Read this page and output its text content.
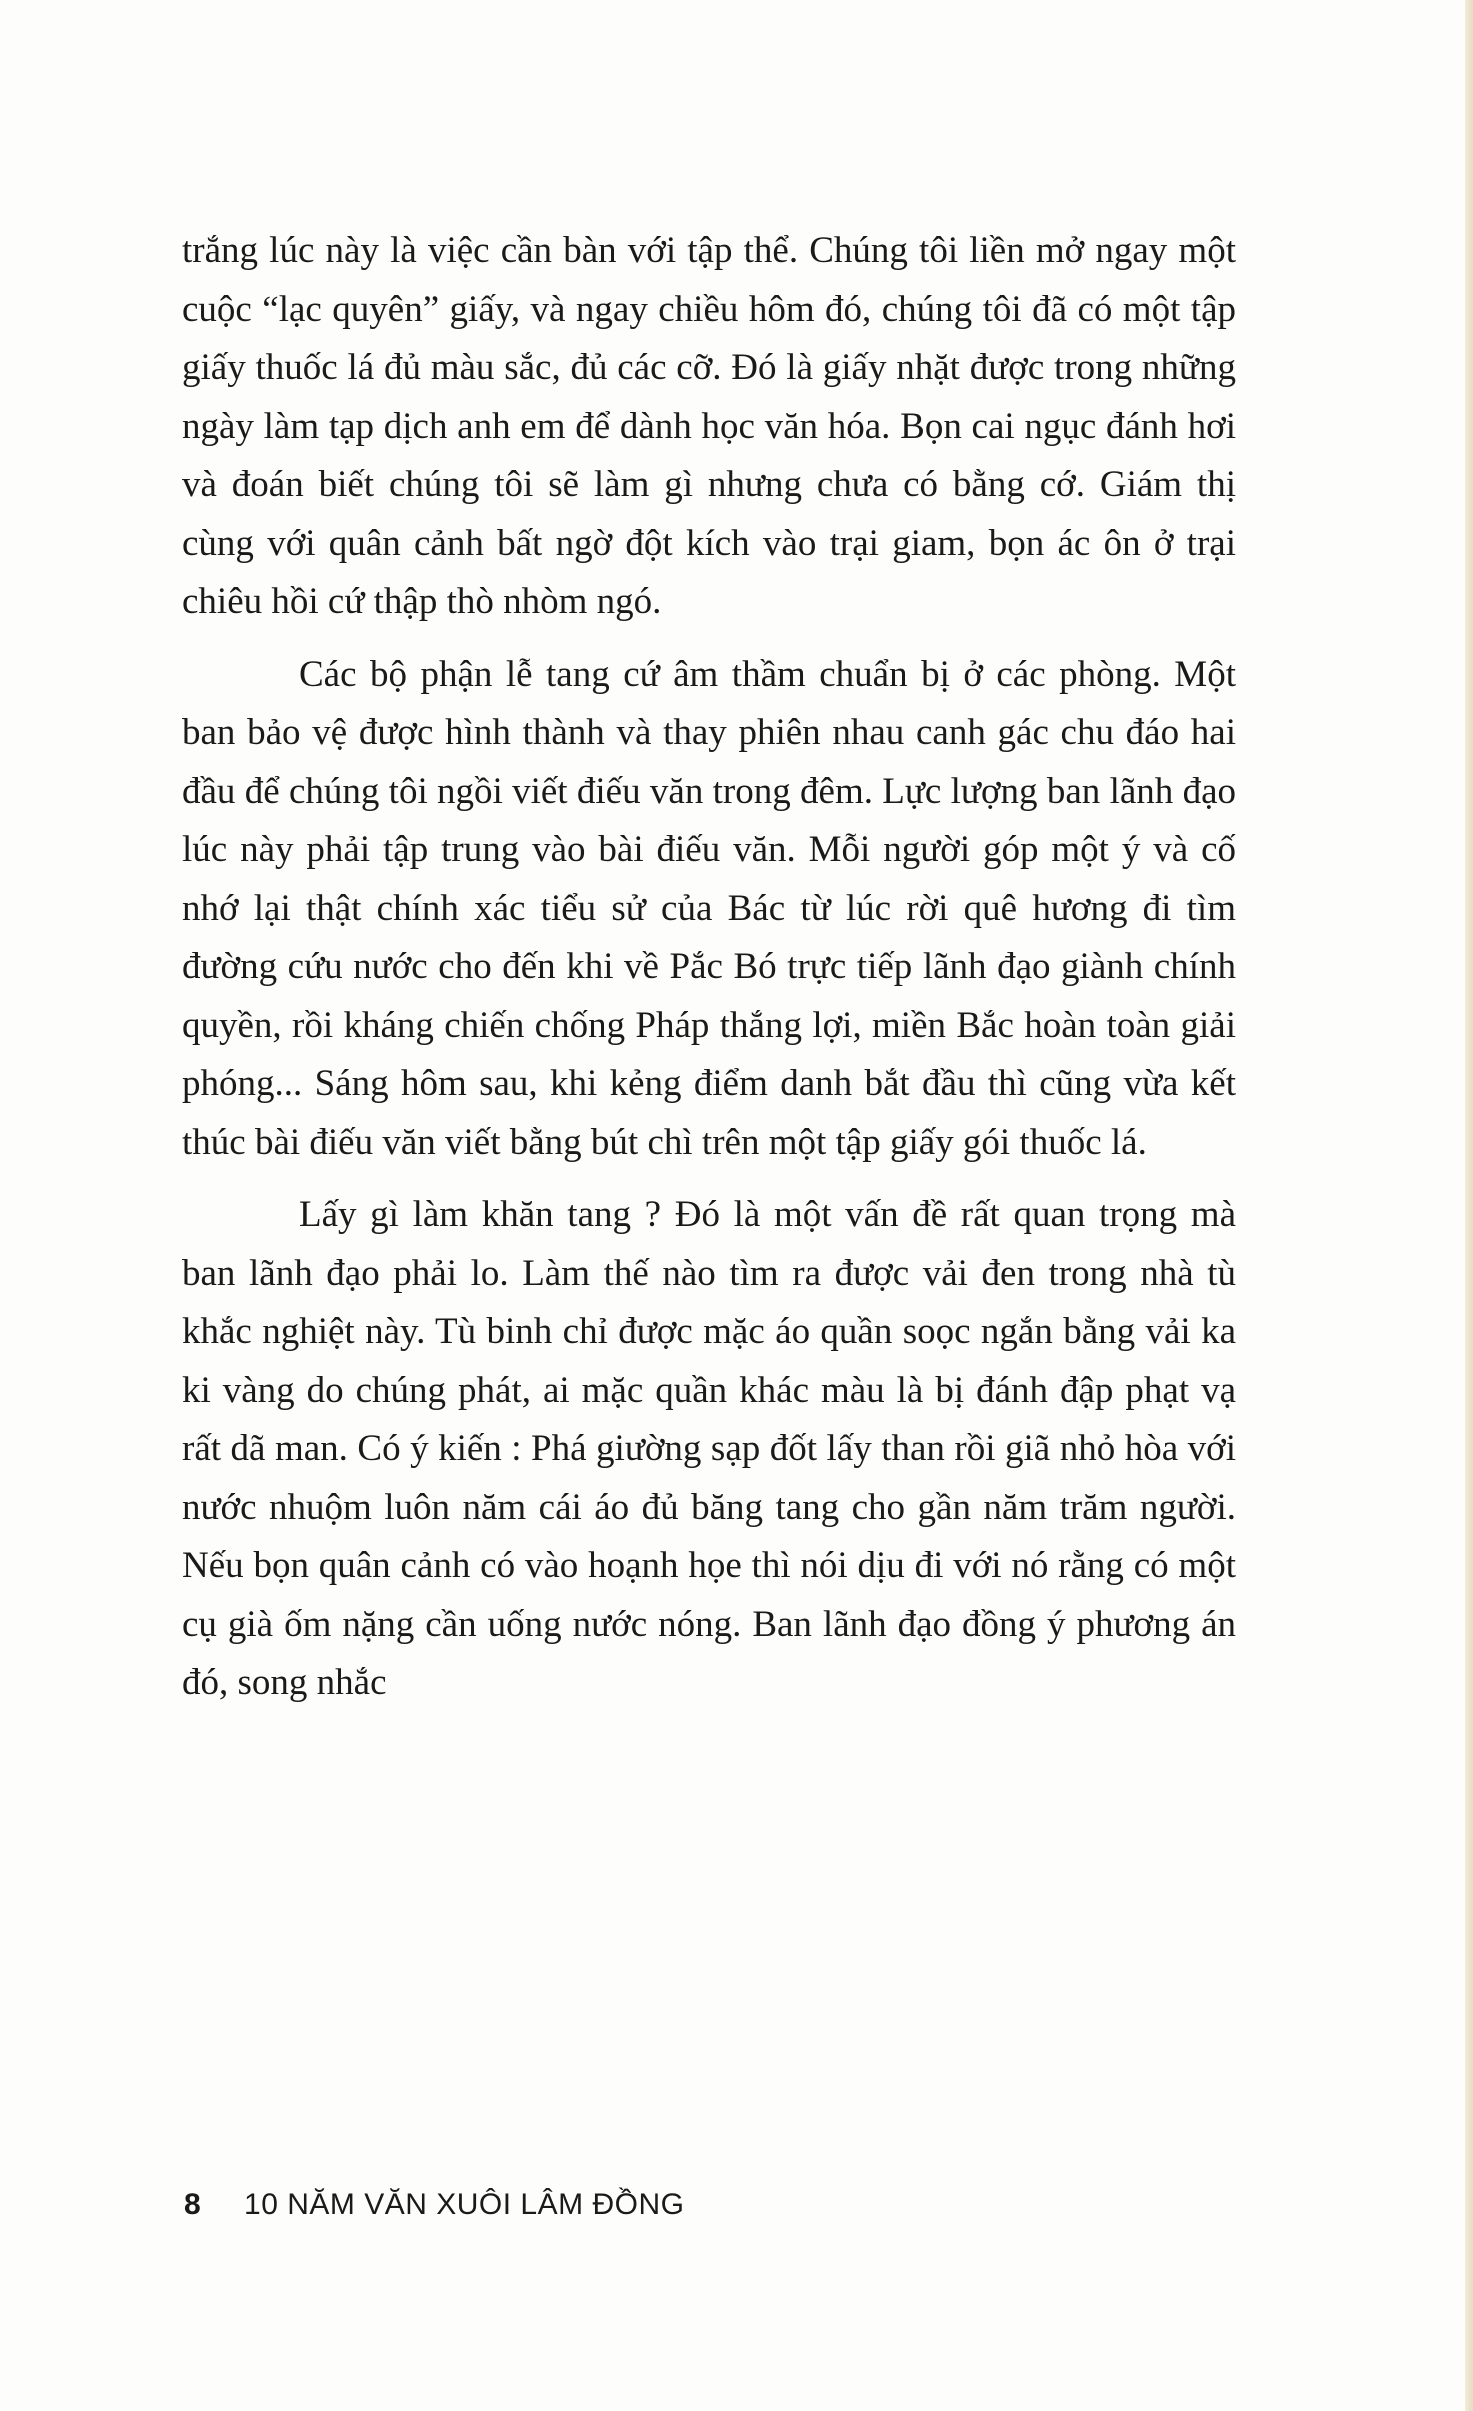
trắng lúc này là việc cần bàn với tập thể. Chúng tôi liền mở ngay một cuộc “lạc quyên” giấy, và ngay chiều hôm đó, chúng tôi đã có một tập giấy thuốc lá đủ màu sắc, đủ các cỡ. Đó là giấy nhặt được trong những ngày làm tạp dịch anh em để dành học văn hóa. Bọn cai ngục đánh hơi và đoán biết chúng tôi sẽ làm gì nhưng chưa có bằng cớ. Giám thị cùng với quân cảnh bất ngờ đột kích vào trại giam, bọn ác ôn ở trại chiêu hồi cứ thập thò nhòm ngó.

Các bộ phận lễ tang cứ âm thầm chuẩn bị ở các phòng. Một ban bảo vệ được hình thành và thay phiên nhau canh gác chu đáo hai đầu để chúng tôi ngồi viết điếu văn trong đêm. Lực lượng ban lãnh đạo lúc này phải tập trung vào bài điếu văn. Mỗi người góp một ý và cố nhớ lại thật chính xác tiểu sử của Bác từ lúc rời quê hương đi tìm đường cứu nước cho đến khi về Pắc Bó trực tiếp lãnh đạo giành chính quyền, rồi kháng chiến chống Pháp thắng lợi, miền Bắc hoàn toàn giải phóng... Sáng hôm sau, khi kẻng điểm danh bắt đầu thì cũng vừa kết thúc bài điếu văn viết bằng bút chì trên một tập giấy gói thuốc lá.

Lấy gì làm khăn tang ? Đó là một vấn đề rất quan trọng mà ban lãnh đạo phải lo. Làm thế nào tìm ra được vải đen trong nhà tù khắc nghiệt này. Tù binh chỉ được mặc áo quần soọc ngắn bằng vải ka ki vàng do chúng phát, ai mặc quần khác màu là bị đánh đập phạt vạ rất dã man. Có ý kiến : Phá giường sạp đốt lấy than rồi giã nhỏ hòa với nước nhuộm luôn năm cái áo đủ băng tang cho gần năm trăm người. Nếu bọn quân cảnh có vào hoạnh họe thì nói dịu đi với nó rằng có một cụ già ốm nặng cần uống nước nóng. Ban lãnh đạo đồng ý phương án đó, song nhắc

8 10 NĂM VĂN XUÔI LÂM ĐỒNG
